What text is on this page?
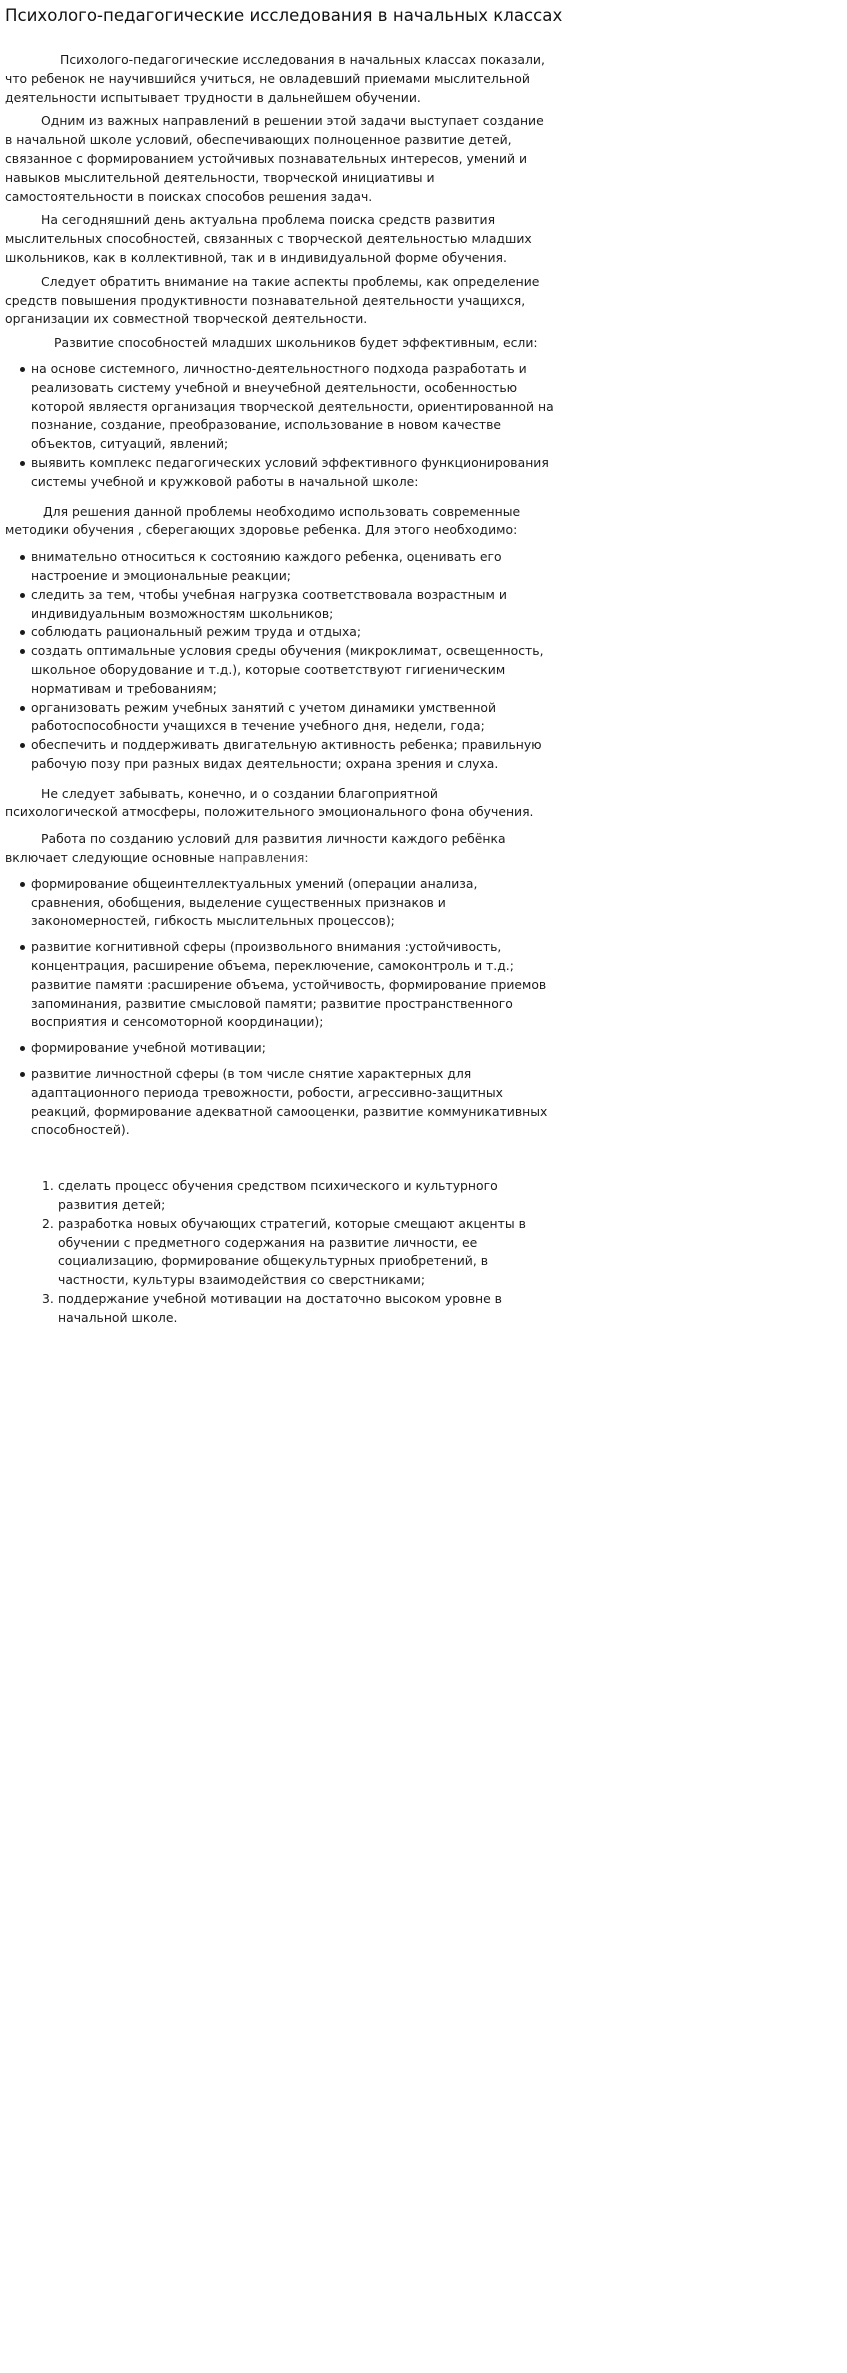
Психолого-педагогические исследования в начальных классах

Психолого-педагогические исследования в начальных классах показали, что ребенок не научившийся учиться, не овладевший приемами мыслительной деятельности испытывает трудности в дальнейшем обучении.

Одним из важных направлений в решении этой задачи выступает создание в начальной школе условий, обеспечивающих полноценное развитие детей, связанное с формированием устойчивых познавательных интересов, умений и навыков мыслительной деятельности, творческой инициативы и самостоятельности в поисках способов решения задач.

На сегодняшний день актуальна проблема поиска средств развития мыслительных способностей, связанных с творческой деятельностью младших школьников, как в коллективной, так и в индивидуальной форме обучения.

Следует обратить внимание на такие аспекты проблемы, как определение средств повышения продуктивности познавательной деятельности учащихся, организации их совместной творческой деятельности.

Развитие способностей младших школьников будет эффективным, если:

на основе системного, личностно-деятельностного подхода разработать и реализовать систему учебной и внеучебной деятельности, особенностью которой являестя организация творческой деятельности, ориентированной на познание, создание, преобразование, использование в новом качестве объектов, ситуаций, явлений;
выявить комплекс педагогических условий эффективного функционирования системы учебной и кружковой работы в начальной школе:

Для решения данной проблемы необходимо использовать современные методики обучения , сберегающих здоровье ребенка. Для этого необходимо:

внимательно относиться к состоянию каждого ребенка, оценивать его настроение и эмоциональные реакции;
следить за тем, чтобы учебная нагрузка соответствовала возрастным и индивидуальным возможностям школьников;
соблюдать рациональный режим труда и отдыха;
создать оптимальные условия среды обучения (микроклимат, освещенность, школьное оборудование и т.д.), которые соответствуют гигиеническим нормативам и требованиям;
организовать режим учебных занятий с учетом динамики умственной работоспособности учащихся в течение учебного дня, недели, года;
обеспечить и поддерживать двигательную активность ребенка; правильную рабочую позу при разных видах деятельности; охрана зрения и слуха.

Не следует забывать, конечно, и о создании благоприятной психологической атмосферы, положительного эмоционального фона обучения.

Работа по созданию условий для развития личности каждого ребёнка включает следующие основные направления:

формирование общеинтеллектуальных умений (операции анализа, сравнения, обобщения, выделение существенных признаков и закономерностей, гибкость мыслительных процессов);
развитие когнитивной сферы (произвольного внимания :устойчивость, концентрация, расширение объема, переключение, самоконтроль и т.д.; развитие памяти :расширение объема, устойчивость, формирование приемов запоминания, развитие смысловой памяти; развитие пространственного восприятия и сенсомоторной координации);
формирование учебной мотивации;
развитие личностной сферы (в том числе снятие характерных для адаптационного периода тревожности, робости, агрессивно-защитных реакций, формирование адекватной самооценки, развитие коммуникативных способностей).
1. сделать процесс обучения средством психического и культурного развития детей;
2. разработка новых обучающих стратегий, которые смещают акценты в обучении с предметного содержания на развитие личности, ее социализацию, формирование общекультурных приобретений, в частности, культуры взаимодействия со сверстниками;
3. поддержание учебной мотивации на достаточно высоком уровне в начальной школе.
